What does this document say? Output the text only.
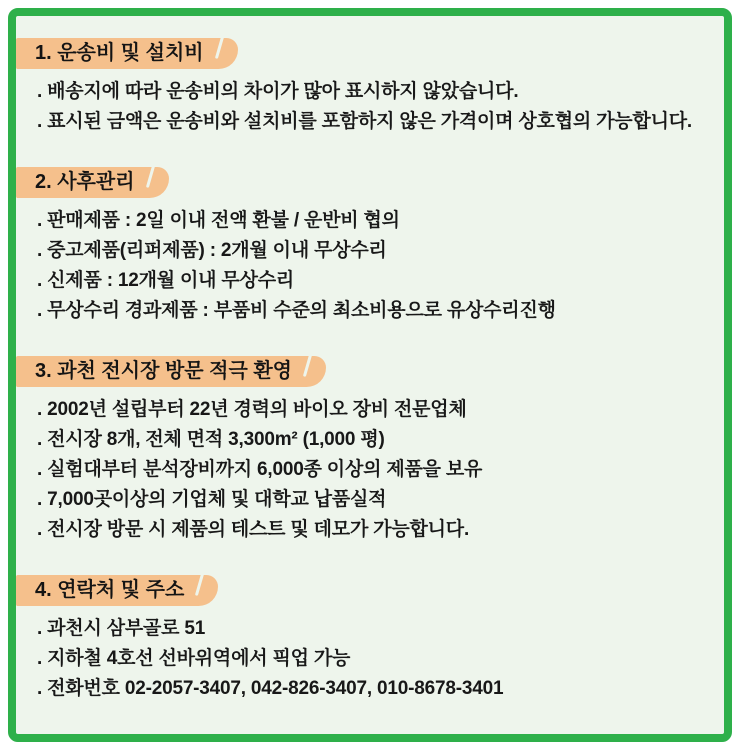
1. 운송비 및 설치비
. 배송지에 따라 운송비의 차이가 많아 표시하지 않았습니다.
. 표시된 금액은 운송비와 설치비를 포함하지 않은 가격이며 상호협의 가능합니다.
2. 사후관리
. 판매제품 : 2일 이내 전액 환불 / 운반비 협의
. 중고제품(리퍼제품) : 2개월 이내 무상수리
. 신제품 : 12개월 이내 무상수리
. 무상수리 경과제품 : 부품비 수준의 최소비용으로 유상수리진행
3. 과천 전시장 방문 적극 환영
. 2002년 설립부터 22년 경력의 바이오 장비 전문업체
. 전시장 8개, 전체 면적 3,300m² (1,000 평)
. 실험대부터 분석장비까지 6,000종 이상의 제품을 보유
. 7,000곳이상의 기업체 및 대학교 납품실적
. 전시장 방문 시 제품의 테스트 및 데모가 가능합니다.
4. 연락처 및 주소
. 과천시 삼부골로 51
. 지하철 4호선 선바위역에서 픽업 가능
. 전화번호 02-2057-3407, 042-826-3407, 010-8678-3401
